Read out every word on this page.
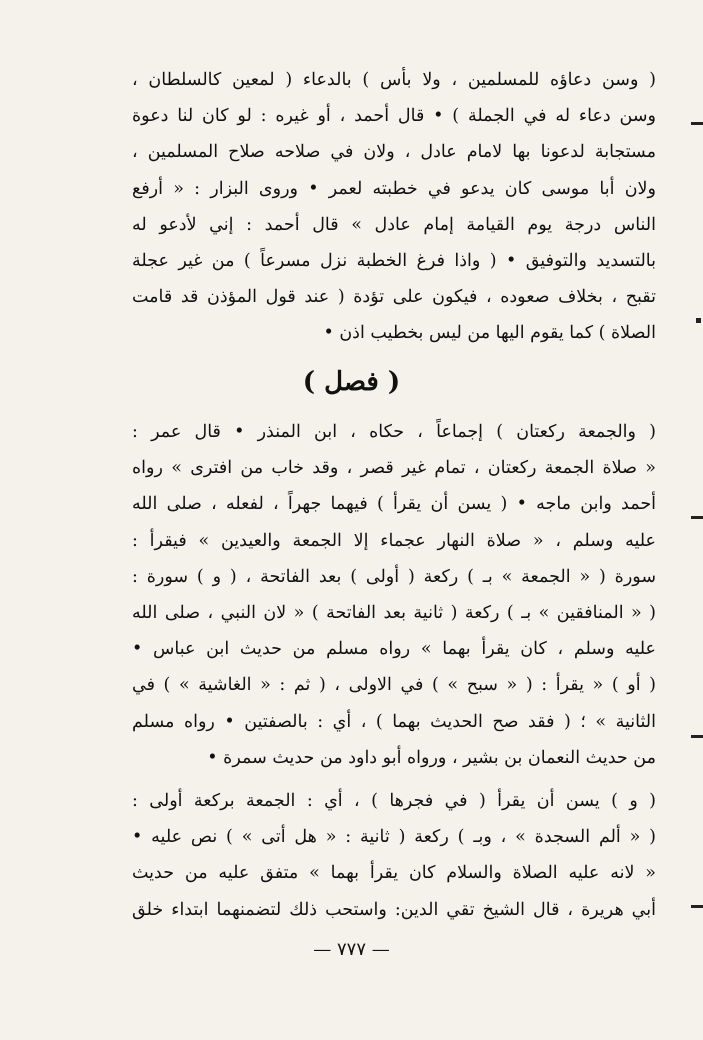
( وسن دعاؤه للمسلمين ، ولا بأس ) بالدعاء ( لمعين كالسلطان ،
وسن دعاء له في الجملة ) • قال أحمد ، أو غيره : لو كان لنا دعوة
مستجابة لدعونا بها لامام عادل ، ولان في صلاحه صلاح المسلمين ،
ولان أبا موسى كان يدعو في خطبته لعمر • وروى البزار : « أرفع
الناس درجة يوم القيامة إمام عادل » قال أحمد : إني لأدعو له
بالتسديد والتوفيق • ( واذا فرغ الخطبة نزل مسرعاً ) من غير عجلة
تقبح ، بخلاف صعوده ، فيكون على تؤدة ( عند قول المؤذن قد قامت
الصلاة ) كما يقوم اليها من ليس بخطيب اذن •
( فصل )
( والجمعة ركعتان ) إجماعاً ، حكاه ، ابن المنذر • قال عمر :
« صلاة الجمعة ركعتان ، تمام غير قصر ، وقد خاب من افترى » رواه
أحمد وابن ماجه • ( يسن أن يقرأ ) فيهما جهراً ، لفعله ، صلى الله
عليه وسلم ، « صلاة النهار عجماء إلا الجمعة والعيدين » فيقرأ :
سورة ( « الجمعة » بـ ) ركعة ( أولى ) بعد الفاتحة ، ( و ) سورة :
( « المنافقين » بـ ) ركعة ( ثانية بعد الفاتحة ) « لان النبي ، صلى الله
عليه وسلم ، كان يقرأ بهما » رواه مسلم من حديث ابن عباس •
( أو ) « يقرأ : ( « سبح » ) في الاولى ، ( ثم : « الغاشية » ) في
الثانية » ؛ ( فقد صح الحديث بهما ) ، أي : بالصفتين • رواه مسلم
من حديث النعمان بن بشير ، ورواه أبو داود من حديث سمرة •
( و ) يسن أن يقرأ ( في فجرها ) ، أي : الجمعة بركعة أولى :
( « ألم السجدة » ، وبـ ) ركعة ( ثانية : « هل أتى » ) نص عليه •
« لانه عليه الصلاة والسلام كان يقرأ بهما » متفق عليه من حديث
أبي هريرة ، قال الشيخ تقي الدين: واستحب ذلك لتضمنهما ابتداء خلق
— ٧٧٧ —
